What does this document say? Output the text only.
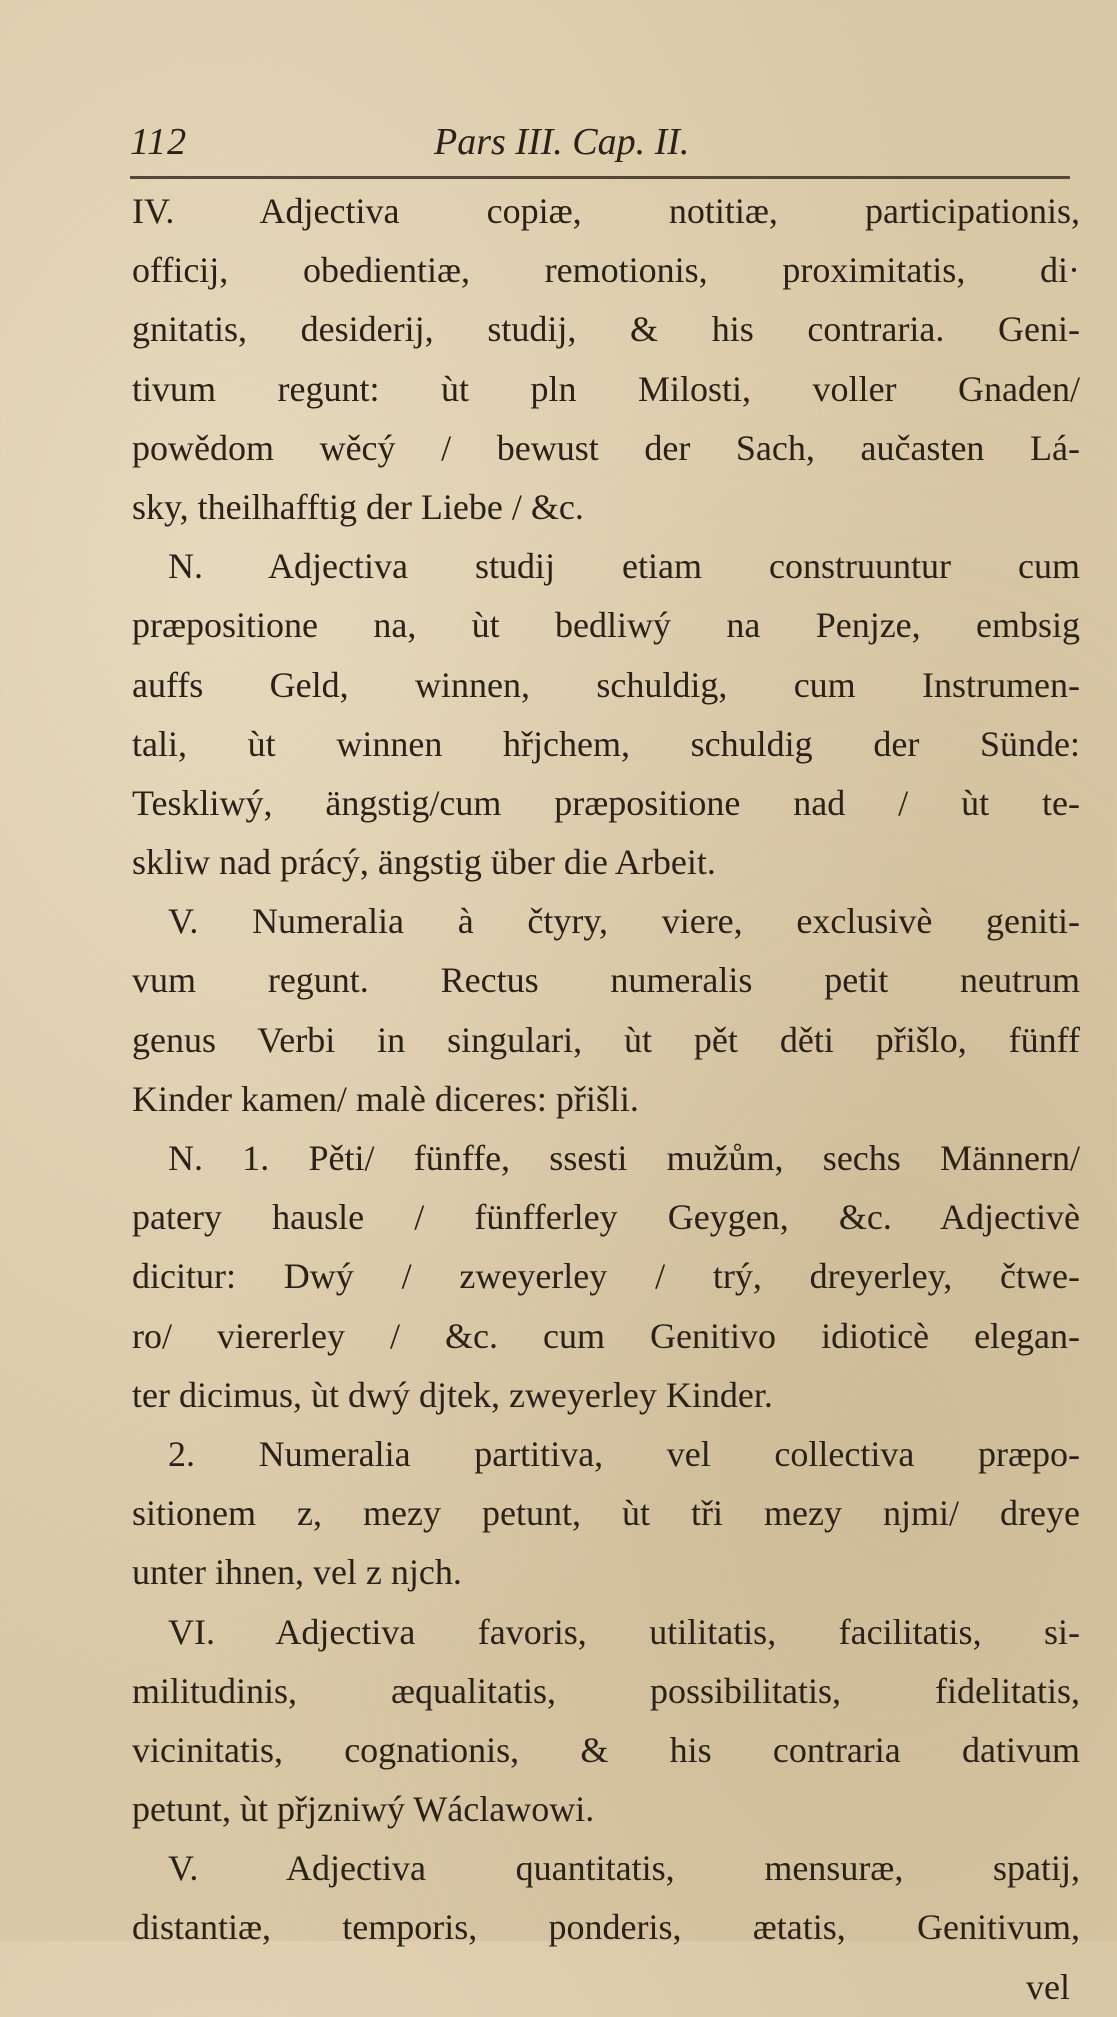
112	Pars III. Cap. II.
IV. Adjectiva copiæ, notitiæ, participationis,
officij, obedientiæ, remotionis, proximitatis, di·
gnitatis, desiderij, studij, & his contraria. Geni-
tivum regunt: ùt pln Milosti, voller Gnaden/
powědom wěcý / bewust der Sach, aučasten Lá-
sky, theilhafftig der Liebe / &c.
N. Adjectiva studij etiam construuntur cum
præpositione na, ùt bedliwý na Penjze, embsig
auffs Geld, winnen, schuldig, cum Instrumen-
tali, ùt winnen hřjchem, schuldig der Sünde:
Teskliwý, ängstig/cum præpositione nad / ùt te-
skliw nad prácý, ängstig über die Arbeit.
V. Numeralia à čtyry, viere, exclusivè geniti-
vum regunt. Rectus numeralis petit neutrum
genus Verbi in singulari, ùt pět děti přišlo, fünff
Kinder kamen/ malè diceres: přišli.
N. 1. Pěti/ fünffe, ssesti mužům, sechs Männern/
patery hausle / fünfferley Geygen, &c. Adjectivè
dicitur: Dwý / zweyerley / trý, dreyerley, čtwe-
ro/ viererley / &c. cum Genitivo idioticè elegan-
ter dicimus, ùt dwý djtek, zweyerley Kinder.
2. Numeralia partitiva, vel collectiva præpo-
sitionem z, mezy petunt, ùt tři mezy njmi/ dreye
unter ihnen, vel z njch.
VI. Adjectiva favoris, utilitatis, facilitatis, si-
militudinis, æqualitatis, possibilitatis, fidelitatis,
vicinitatis, cognationis, & his contraria dativum
petunt, ùt přjzniwý Wáclawowi.
V. Adjectiva quantitatis, mensuræ, spatij,
distantiæ, temporis, ponderis, ætatis, Genitivum,
vel
